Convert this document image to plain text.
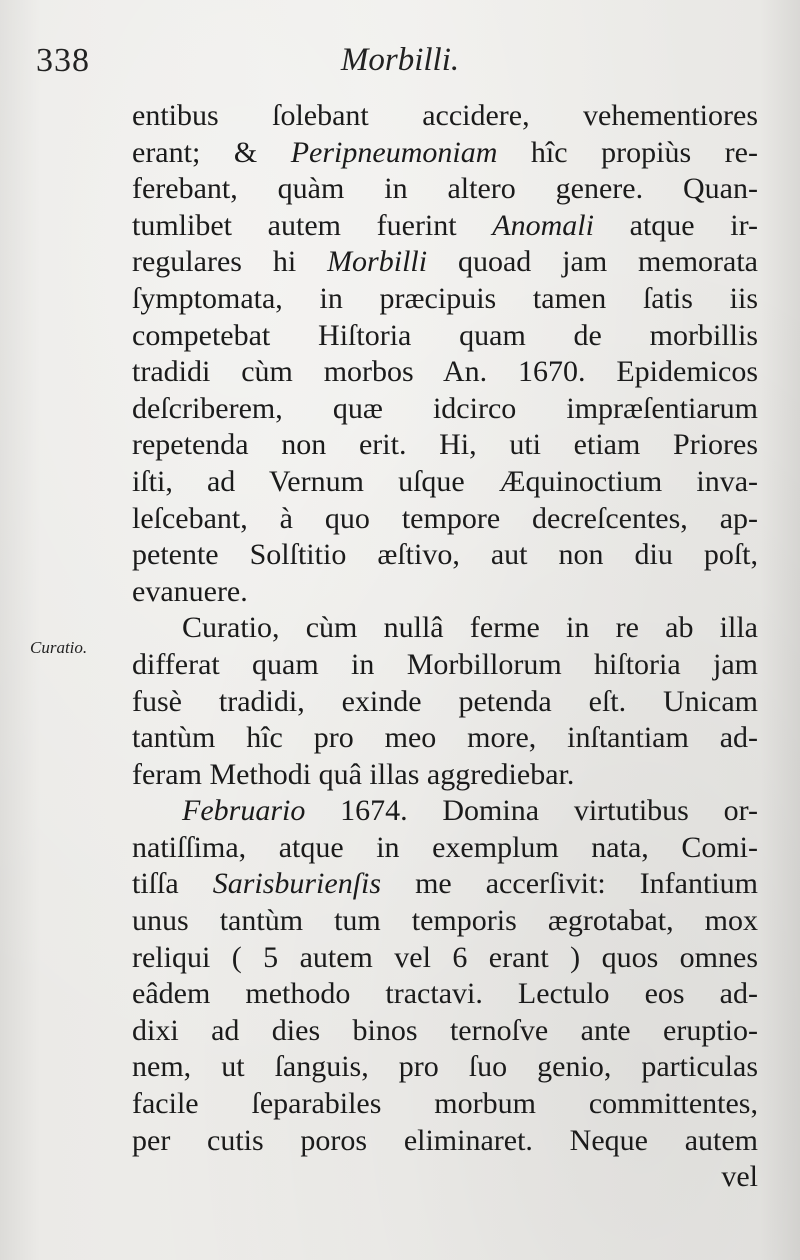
338	Morbilli.
Curatio.
entibus ſolebant accidere, vehementiores
erant; & Peripneumoniam hîc propiùs re-
ferebant, quàm in altero genere. Quan-
tumlibet autem fuerint Anomali atque ir-
regulares hi Morbilli quoad jam memorata
ſymptomata, in præcipuis tamen ſatis iis
competebat Hiſtoria quam de morbillis
tradidi cùm morbos An. 1670. Epidemicos
deſcriberem, quæ idcirco impræſentiarum
repetenda non erit. Hi, uti etiam Priores
iſti, ad Vernum uſque Æquinoctium inva-
leſcebant, à quo tempore decreſcentes, ap-
petente Solſtitio æſtivo, aut non diu poſt,
evanuere.
Curatio, cùm nullâ ferme in re ab illa
differat quam in Morbillorum hiſtoria jam
fusè tradidi, exinde petenda eſt. Unicam
tantùm hîc pro meo more, inſtantiam ad-
feram Methodi quâ illas aggrediebar.
Februario 1674. Domina virtutibus or-
natiſſima, atque in exemplum nata, Comi-
tiſſa Sarisburienſis me accerſivit: Infantium
unus tantùm tum temporis ægrotabat, mox
reliqui ( 5 autem vel 6 erant ) quos omnes
eâdem methodo tractavi. Lectulo eos ad-
dixi ad dies binos ternoſve ante eruptio-
nem, ut ſanguis, pro ſuo genio, particulas
facile ſeparabiles morbum committentes,
per cutis poros eliminaret. Neque autem
vel
